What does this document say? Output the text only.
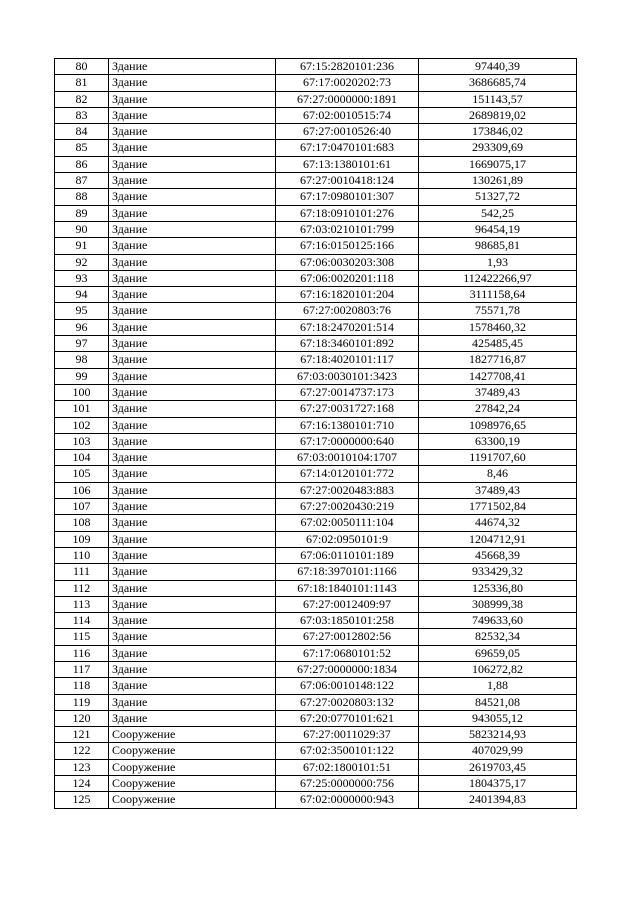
80	Здание	67:15:2820101:236	97440,39
81	Здание	67:17:0020202:73	3686685,74
82	Здание	67:27:0000000:1891	151143,57
83	Здание	67:02:0010515:74	2689819,02
84	Здание	67:27:0010526:40	173846,02
85	Здание	67:17:0470101:683	293309,69
86	Здание	67:13:1380101:61	1669075,17
87	Здание	67:27:0010418:124	130261,89
88	Здание	67:17:0980101:307	51327,72
89	Здание	67:18:0910101:276	542,25
90	Здание	67:03:0210101:799	96454,19
91	Здание	67:16:0150125:166	98685,81
92	Здание	67:06:0030203:308	1,93
93	Здание	67:06:0020201:118	112422266,97
94	Здание	67:16:1820101:204	3111158,64
95	Здание	67:27:0020803:76	75571,78
96	Здание	67:18:2470201:514	1578460,32
97	Здание	67:18:3460101:892	425485,45
98	Здание	67:18:4020101:117	1827716,87
99	Здание	67:03:0030101:3423	1427708,41
100	Здание	67:27:0014737:173	37489,43
101	Здание	67:27:0031727:168	27842,24
102	Здание	67:16:1380101:710	1098976,65
103	Здание	67:17:0000000:640	63300,19
104	Здание	67:03:0010104:1707	1191707,60
105	Здание	67:14:0120101:772	8,46
106	Здание	67:27:0020483:883	37489,43
107	Здание	67:27:0020430:219	1771502,84
108	Здание	67:02:0050111:104	44674,32
109	Здание	67:02:0950101:9	1204712,91
110	Здание	67:06:0110101:189	45668,39
111	Здание	67:18:3970101:1166	933429,32
112	Здание	67:18:1840101:1143	125336,80
113	Здание	67:27:0012409:97	308999,38
114	Здание	67:03:1850101:258	749633,60
115	Здание	67:27:0012802:56	82532,34
116	Здание	67:17:0680101:52	69659,05
117	Здание	67:27:0000000:1834	106272,82
118	Здание	67:06:0010148:122	1,88
119	Здание	67:27:0020803:132	84521,08
120	Здание	67:20:0770101:621	943055,12
121	Сооружение	67:27:0011029:37	5823214,93
122	Сооружение	67:02:3500101:122	407029,99
123	Сооружение	67:02:1800101:51	2619703,45
124	Сооружение	67:25:0000000:756	1804375,17
125	Сооружение	67:02:0000000:943	2401394,83
